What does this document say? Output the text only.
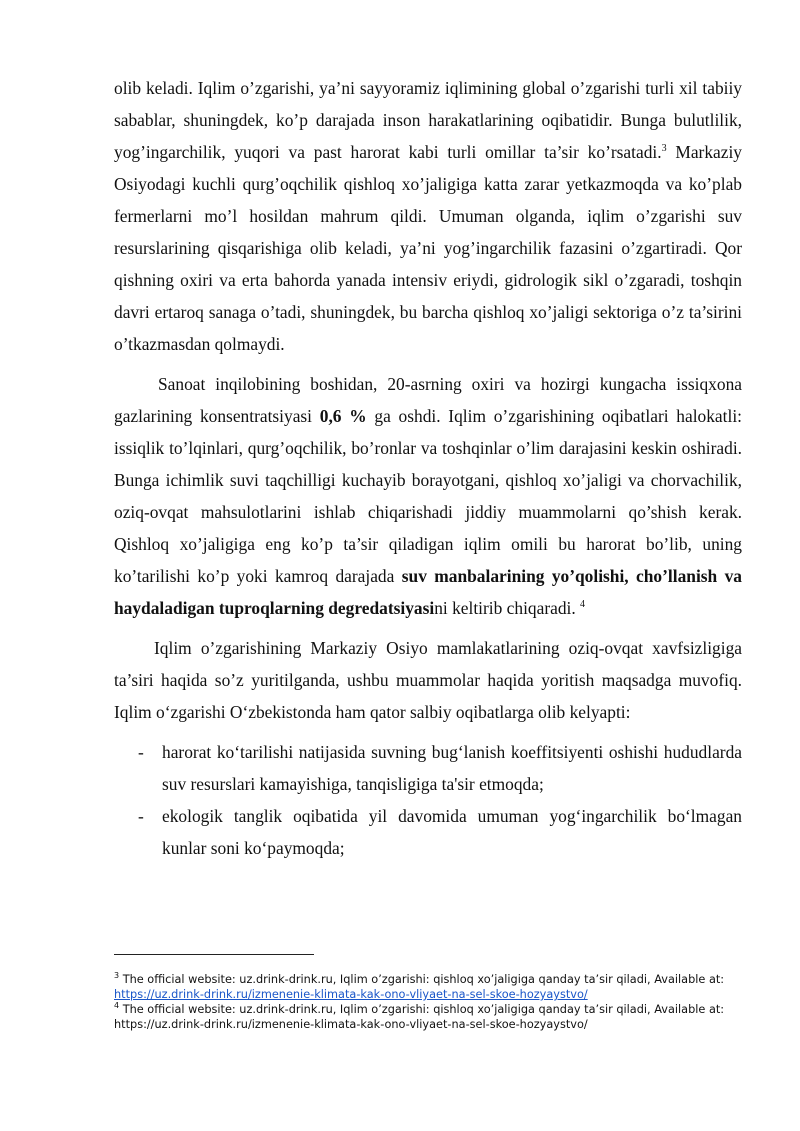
olib keladi. Iqlim o’zgarishi, ya’ni sayyoramiz iqlimining global o’zgarishi turli xil tabiiy sabablar, shuningdek, ko’p darajada inson harakatlarining oqibatidir. Bunga bulutlilik, yog’ingarchilik, yuqori va past harorat kabi turli omillar ta’sir ko’rsatadi.$^3$ Markaziy Osiyodagi kuchli qurg’oqchilik qishloq xo’jaligiga katta zarar yetkazmoqda va ko’plab fermerlarni mo’l hosildan mahrum qildi. Umuman olganda, iqlim o’zgarishi suv resurslarining qisqarishiga olib keladi, ya’ni yog’ingarchilik fazasini o’zgartiradi. Qor qishning oxiri va erta bahorda yanada intensiv eriydi, gidrologik sikl o’zgaradi, toshqin davri ertaroq sanaga o’tadi, shuningdek, bu barcha qishloq xo’jaligi sektoriga o’z ta’sirini o’tkazmasdan qolmaydi.

Sanoat inqilobining boshidan, 20-asrning oxiri va hozirgi kungacha issiqxona gazlarining konsentratsiyasi 0,6 % ga oshdi. Iqlim o’zgarishining oqibatlari halokatli: issiqlik to’lqinlari, qurg’oqchilik, bo’ronlar va toshqinlar o’lim darajasini keskin oshiradi. Bunga ichimlik suvi taqchilligi kuchayib borayotgani, qishloq xo’jaligi va chorvachilik, oziq-ovqat mahsulotlarini ishlab chiqarishadi jiddiy muammolarni qo’shish kerak. Qishloq xo’jaligiga eng ko’p ta’sir qiladigan iqlim omili bu harorat bo’lib, uning ko’tarilishi ko’p yoki kamroq darajada suv manbalarining yo’qolishi, cho’llanish va haydaladigan tuproqlarning degredatsiyasini keltirib chiqaradi. $^4$

Iqlim o’zgarishining Markaziy Osiyo mamlakatlarining oziq-ovqat xavfsizligiga ta’siri haqida so’z yuritilganda, ushbu muammolar haqida yoritish maqsadga muvofiq. Iqlim o‘zgarishi O‘zbekistonda ham qator salbiy oqibatlarga olib kelyapti:

- harorat ko‘tarilishi natijasida suvning bug‘lanish koeffitsiyenti oshishi hududlarda suv resurslari kamayishiga, tanqisligiga ta'sir etmoqda;
- ekologik tanglik oqibatida yil davomida umuman yog‘ingarchilik bo‘lmagan kunlar soni ko‘paymoqda;

$^3$ The official website: uz.drink-drink.ru, Iqlim o’zgarishi: qishloq xo’jaligiga qanday ta’sir qiladi, Available at:
https://uz.drink-drink.ru/izmenenie-klimata-kak-ono-vliyaet-na-sel-skoe-hozyaystvo/

$^4$ The official website: uz.drink-drink.ru, Iqlim o’zgarishi: qishloq xo’jaligiga qanday ta’sir qiladi, Available at:
https://uz.drink-drink.ru/izmenenie-klimata-kak-ono-vliyaet-na-sel-skoe-hozyaystvo/
